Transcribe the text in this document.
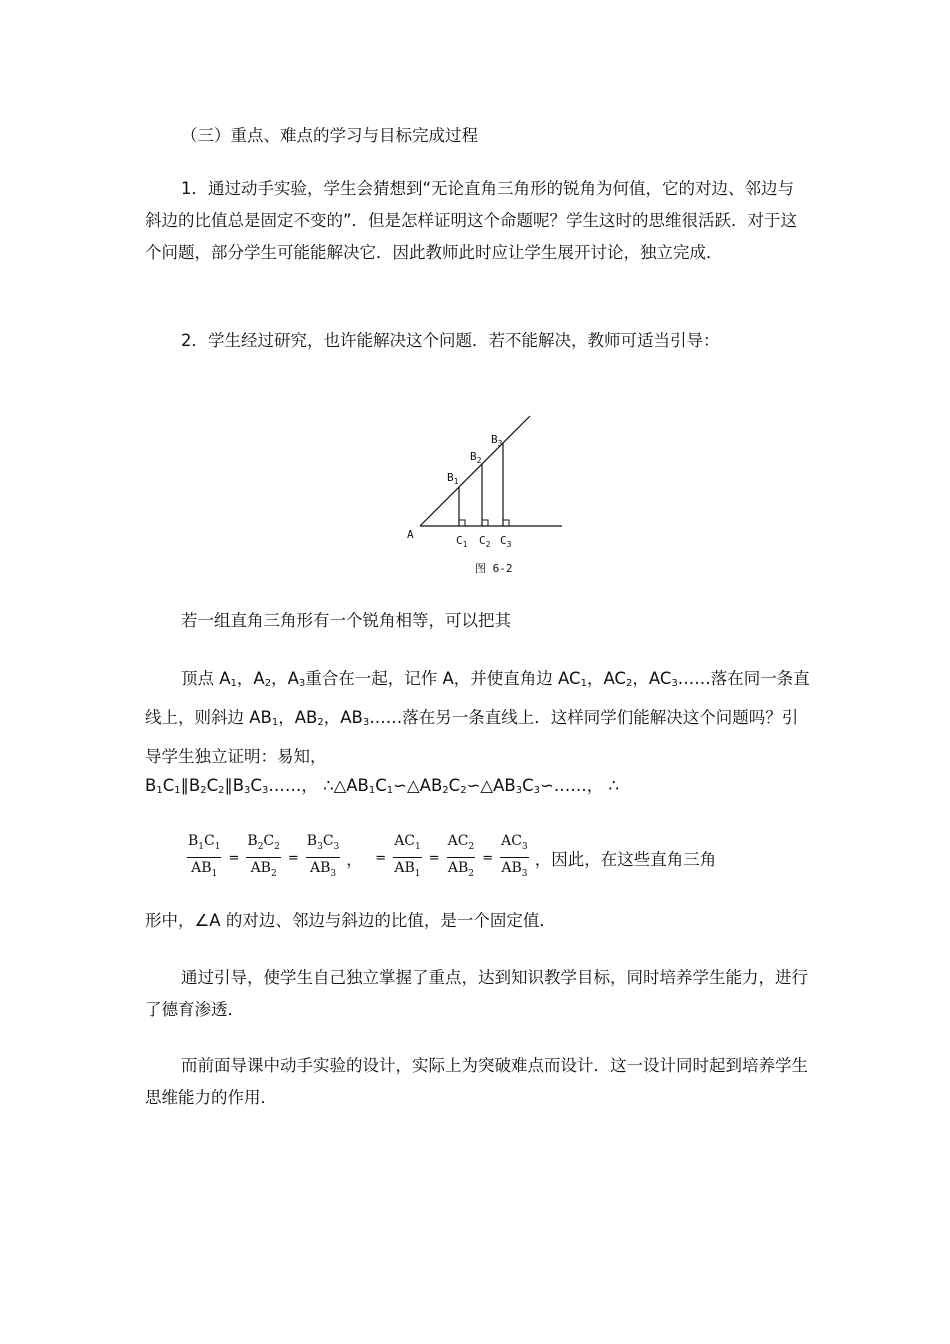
（三）重点、难点的学习与目标完成过程

1．通过动手实验，学生会猜想到“无论直角三角形的锐角为何值，它的对边、邻边与斜边的比值总是固定不变的”．但是怎样证明这个命题呢？学生这时的思维很活跃．对于这个问题，部分学生可能能解决它．因此教师此时应让学生展开讨论，独立完成．

2．学生经过研究，也许能解决这个问题．若不能解决，教师可适当引导：

A
$B_1$
$B_2$
$B_3$
$C_1$ $C_2$ $C_3$
图 6-2

若一组直角三角形有一个锐角相等，可以把其

顶点 $A_1$，$A_2$，$A_3$重合在一起，记作 A，并使直角边 $AC_1$，$AC_2$，$AC_3\dots\dots$落在同一条直线上，则斜边 $AB_1$，$AB_2$，$AB_3\dots\dots$落在另一条直线上．这样同学们能解决这个问题吗？引导学生独立证明：易知，

$B_1C_1\parallel B_2C_2\parallel B_3C_3\dots\dots$， $\therefore\triangle AB_1C_1∽\triangle AB_2C_2∽\triangle AB_3C_3∽\dots\dots$， ∴

$\frac{B_1C_1}{AB_1} = \frac{B_2C_2}{AB_2} = \frac{B_3C_3}{AB_3}$ ， = $\frac{AC_1}{AB_1} = \frac{AC_2}{AB_2} = \frac{AC_3}{AB_3}$ ，因此，在这些直角三角

形中，∠A 的对边、邻边与斜边的比值，是一个固定值．

通过引导，使学生自己独立掌握了重点，达到知识教学目标，同时培养学生能力，进行了德育渗透．

而前面导课中动手实验的设计，实际上为突破难点而设计．这一设计同时起到培养学生思维能力的作用．
